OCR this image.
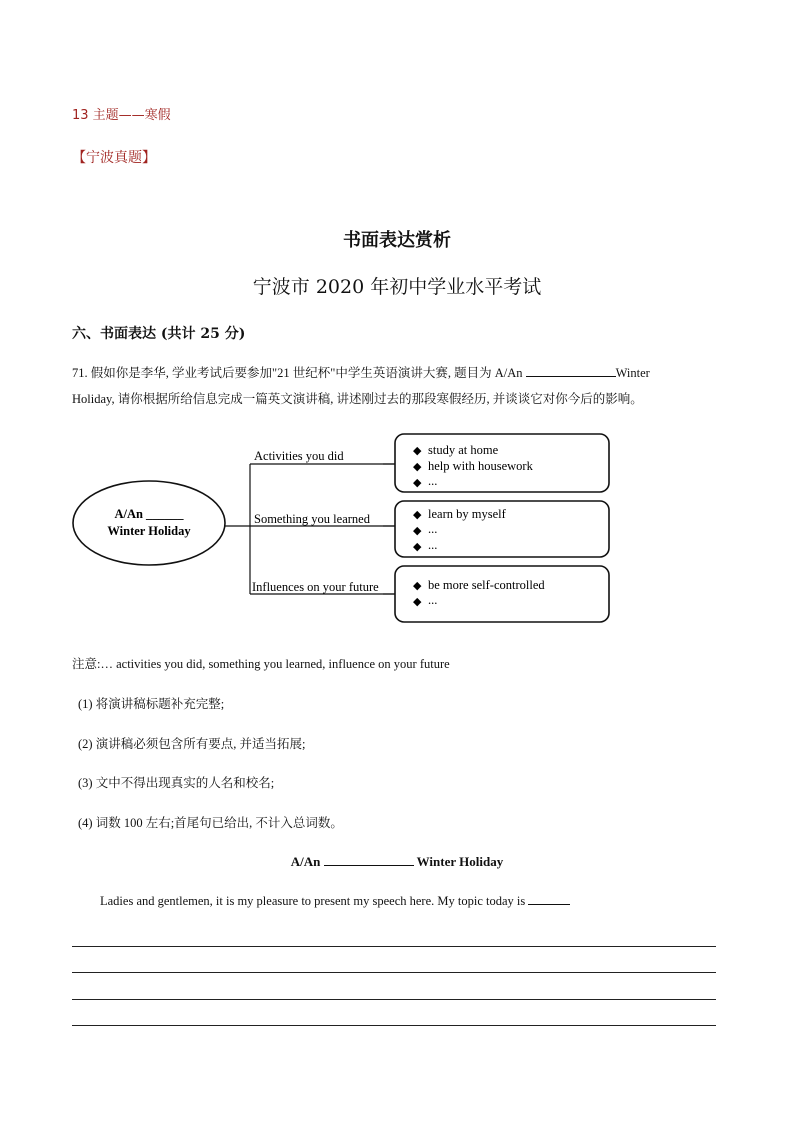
13 主题——寒假
【宁波真题】
书面表达赏析
宁波市 2020 年初中学业水平考试
六、书面表达 (共计 25 分)
71. 假如你是李华, 学业考试后要参加"21 世纪杯"中学生英语演讲大赛, 题目为 A/An	Winter
Holiday, 请你根据所给信息完成一篇英文演讲稿, 讲述刚过去的那段寒假经历, 并谈谈它对你今后的影响。
A/An ______
Winter Holiday
Activities you did
Something you learned
Influences on your future
◆ study at home
◆ help with housework
◆ ...
◆ learn by myself
◆ ...
◆ ...
◆ be more self-controlled
◆ ...
注意:… activities you did, something you learned, influence on your future
(1) 将演讲稿标题补充完整;
(2) 演讲稿必须包含所有要点, 并适当拓展;
(3) 文中不得出现真实的人名和校名;
(4) 词数 100 左右;首尾句已给出, 不计入总词数。
A/An	Winter Holiday
Ladies and gentlemen, it is my pleasure to present my speech here. My topic today is
